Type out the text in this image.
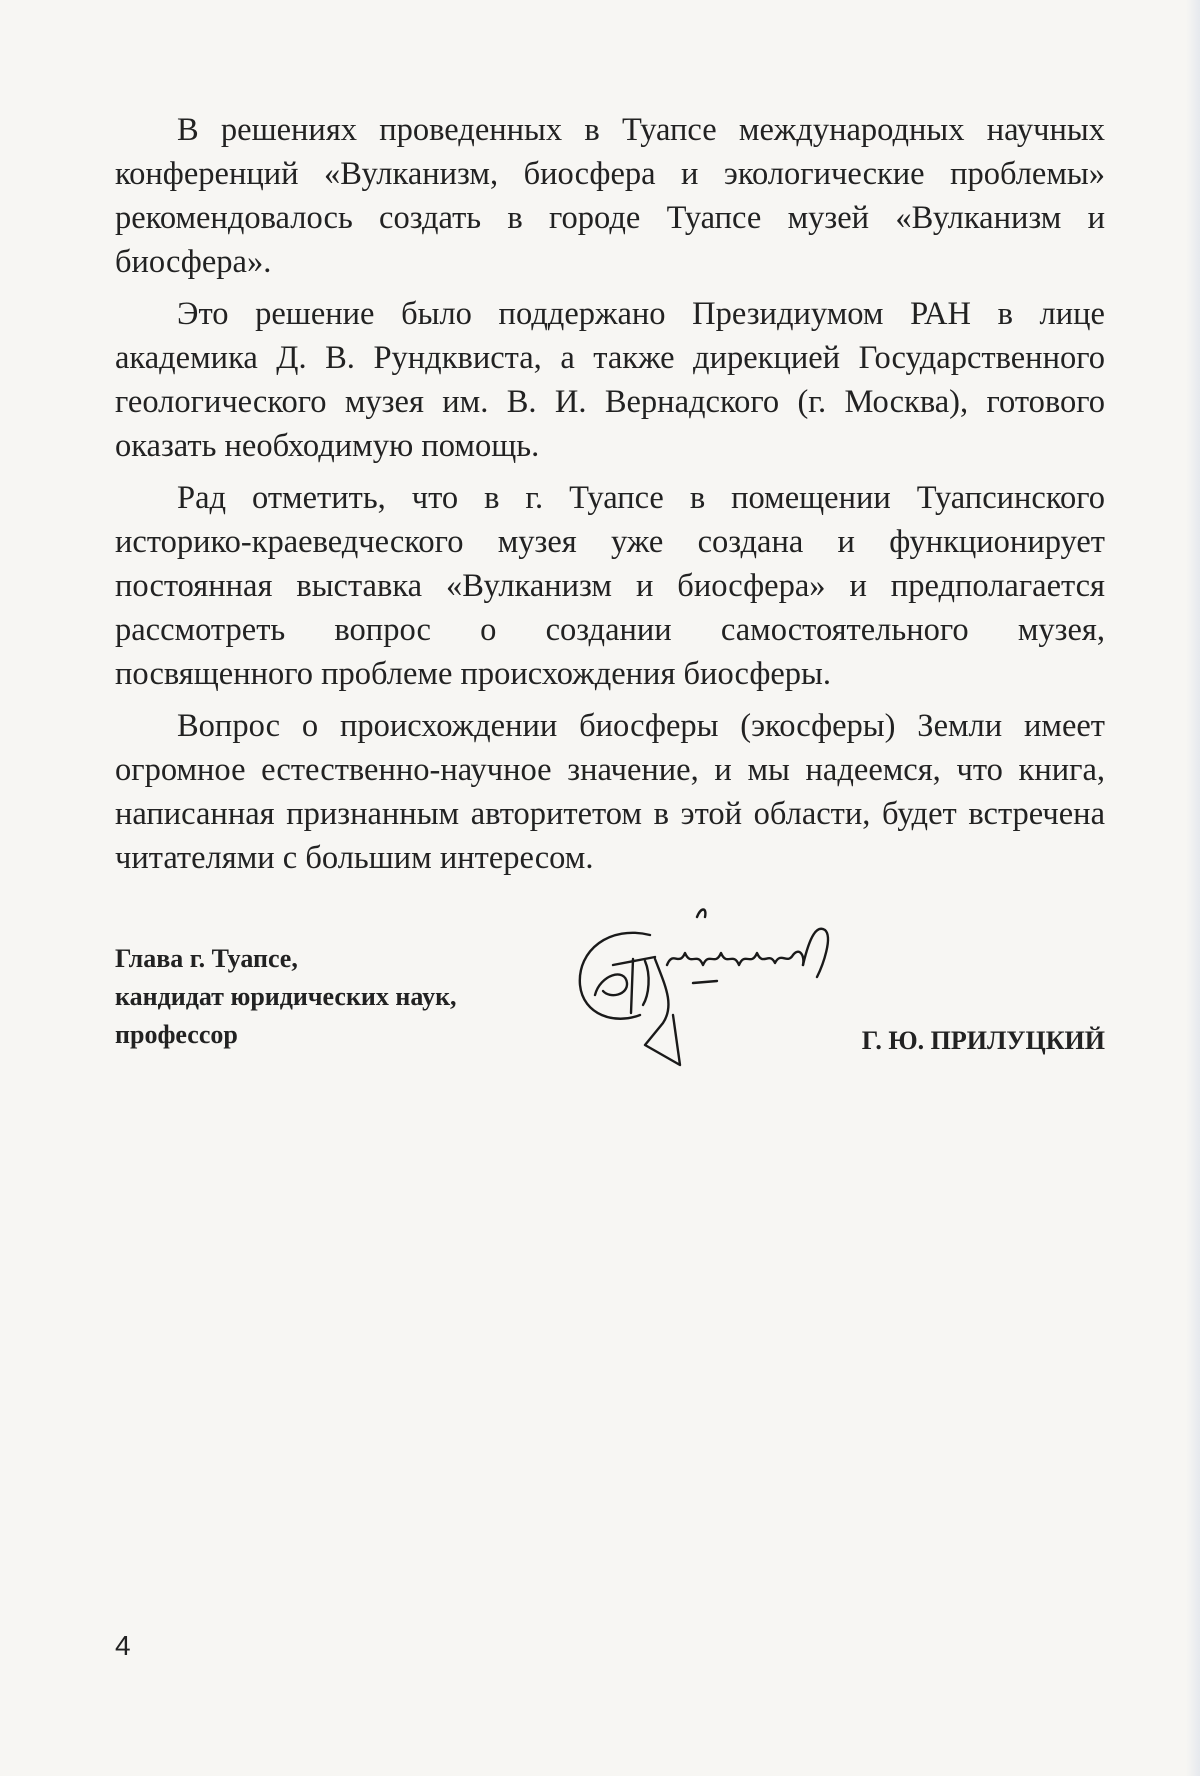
В решениях проведенных в Туапсе международных научных конференций «Вулканизм, биосфера и экологические проблемы» рекомендовалось создать в городе Туапсе музей «Вулканизм и биосфера».

Это решение было поддержано Президиумом РАН в лице академика Д. В. Рундквиста, а также дирекцией Государственного геологического музея им. В. И. Вернадского (г. Москва), готового оказать необходимую помощь.

Рад отметить, что в г. Туапсе в помещении Туапсинского историко-краеведческого музея уже создана и функционирует постоянная выставка «Вулканизм и биосфера» и предполагается рассмотреть вопрос о создании самостоятельного музея, посвященного проблеме происхождения биосферы.

Вопрос о происхождении биосферы (экосферы) Земли имеет огромное естественно-научное значение, и мы надеемся, что книга, написанная признанным авторитетом в этой области, будет встречена читателями с большим интересом.

Глава г. Туапсе,
кандидат юридических наук,
профессор	Г. Ю. ПРИЛУЦКИЙ
4
